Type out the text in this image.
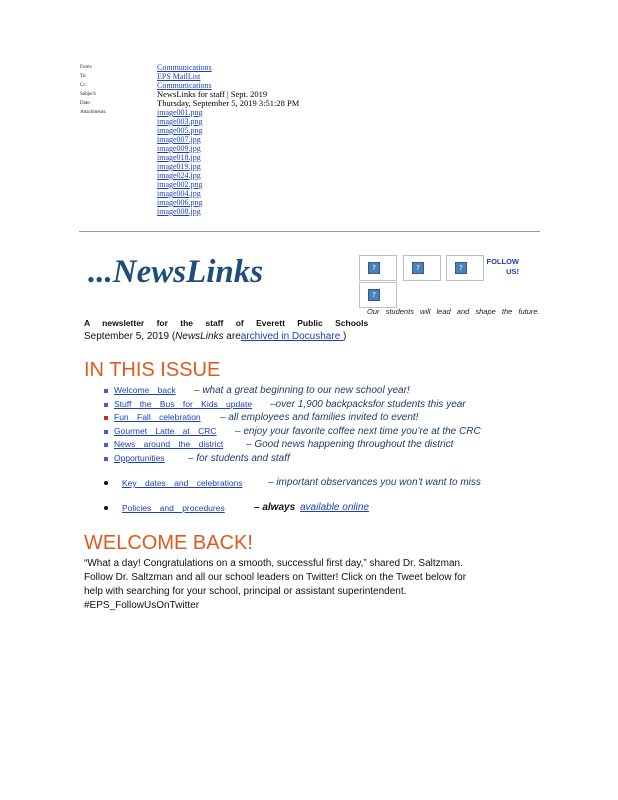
From:	Communications
To:	EPS MailList
Cc:	Communications
Subject:	NewsLinks for staff | Sept. 2019
Date:	Thursday, September 5, 2019 3:51:28 PM
Attachments:	image001.png
image003.png
image005.png
image007.jpg
image009.jpg
image018.jpg
image019.jpg
image024.jpg
image002.png
image004.jpg
image006.png
image008.jpg
...NewsLinks	?	?	?
?
FOLLOW US!
Our students will lead and shape the future.
A newsletter for the staff of Everett Public Schools
September 5, 2019 (NewsLinks arearchived in Docushare )
IN THIS ISSUE
Welcome back – what a great beginning to our new school year!
Stuff the Bus for Kids update –over 1,900 backpacksfor students this year
Fun Fall celebration – all employees and families invited to event!
Gourmet Latte at CRC – enjoy your favorite coffee next time you’re at the CRC
News around the district – Good news happening throughout the district
Opportunities – for students and staff
Key dates and celebrations	– important observances you won’t want to miss
Policies and procedures	– always available online
WELCOME BACK!
“What a day! Congratulations on a smooth, successful first day,” shared Dr. Saltzman.
Follow Dr. Saltzman and all our school leaders on Twitter! Click on the Tweet below for
help with searching for your school, principal or assistant superintendent.
#EPS_FollowUsOnTwitter
